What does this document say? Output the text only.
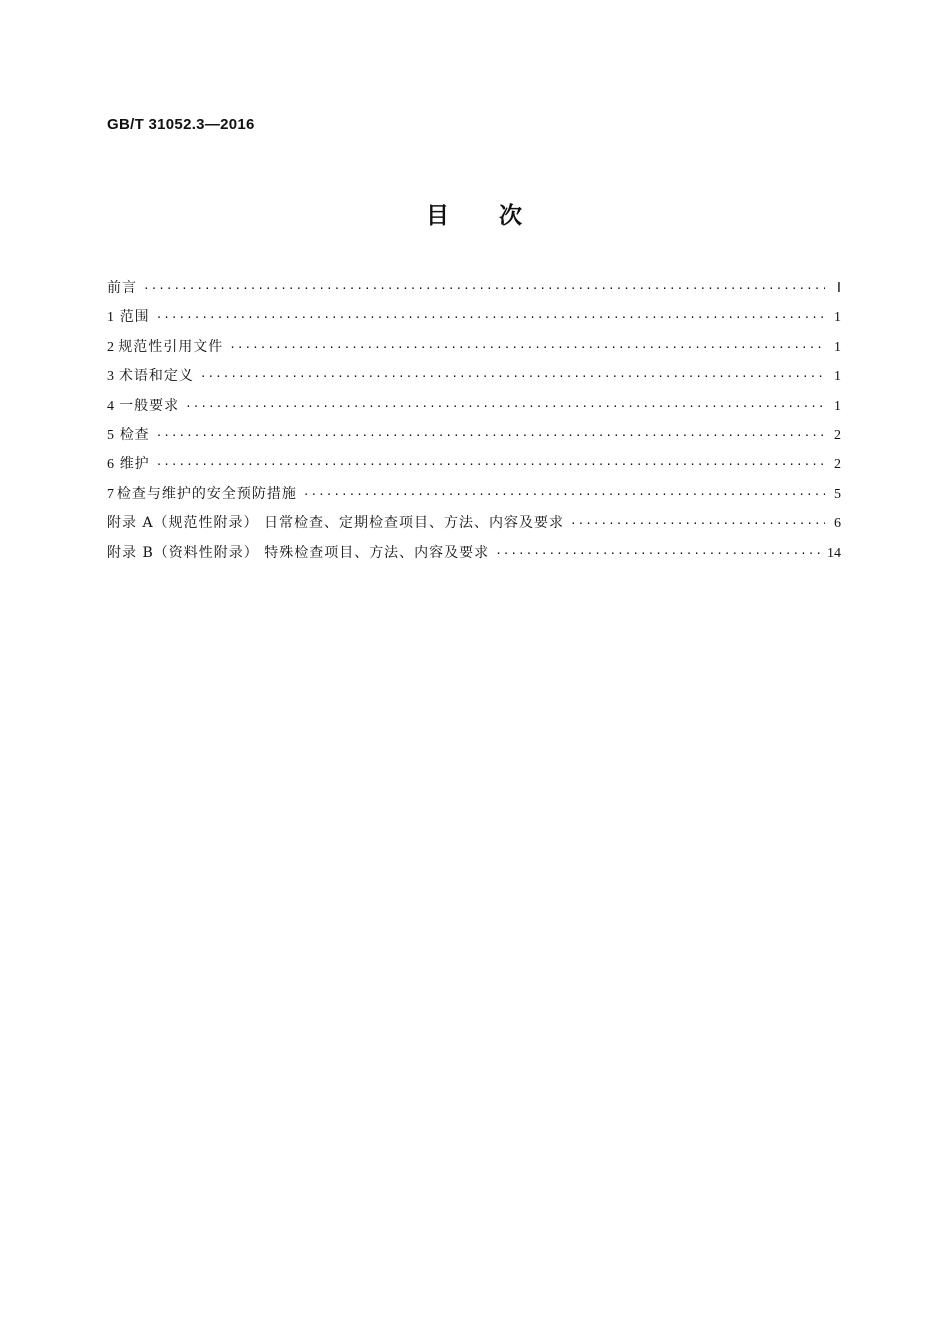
GB/T 31052.3—2016
目 次
前言 ·····	Ⅰ
1 范围 ·····	1
2 规范性引用文件 ·····	1
3 术语和定义 ·····	1
4 一般要求 ·····	1
5 检查 ·····	2
6 维护 ·····	2
7 检查与维护的安全预防措施 ·····	5
附录 A（规范性附录） 日常检查、定期检查项目、方法、内容及要求 ·····	6
附录 B（资料性附录） 特殊检查项目、方法、内容及要求 ·····	14
